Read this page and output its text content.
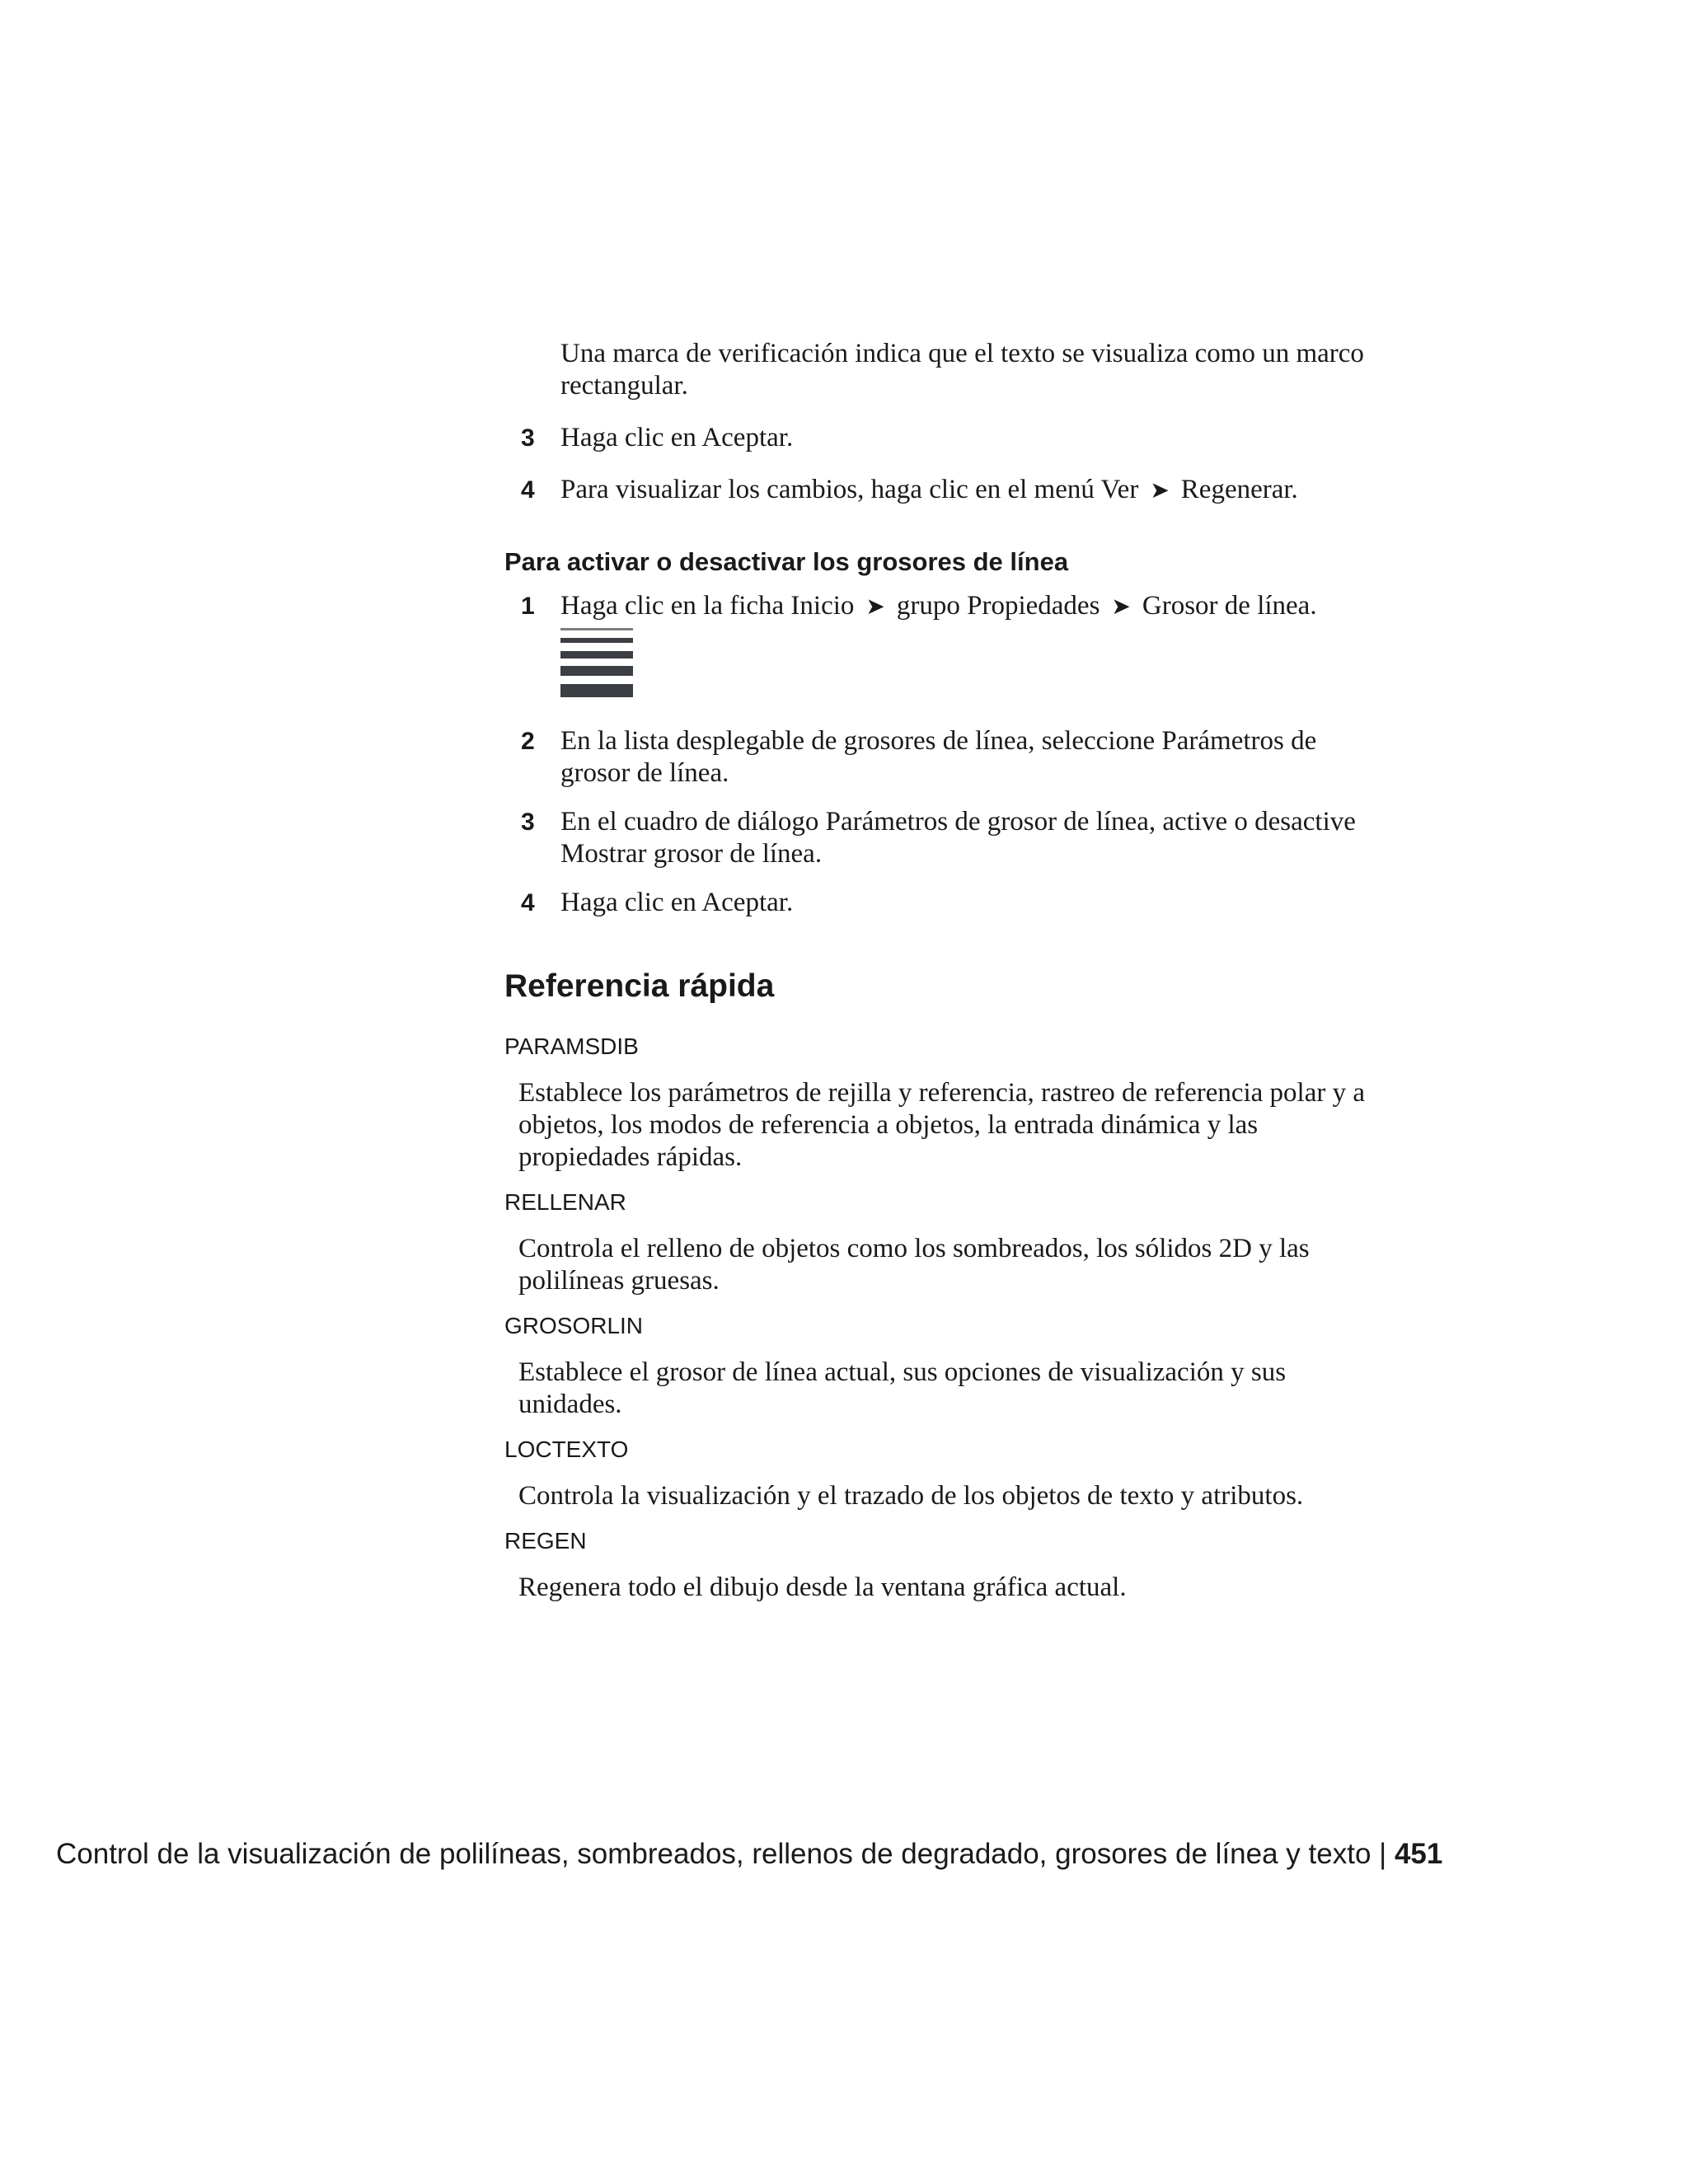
Una marca de verificación indica que el texto se visualiza como un marco rectangular.
3 Haga clic en Aceptar.
4 Para visualizar los cambios, haga clic en el menú Ver ➤ Regenerar.
Para activar o desactivar los grosores de línea
1 Haga clic en la ficha Inicio ➤ grupo Propiedades ➤ Grosor de línea.
2 En la lista desplegable de grosores de línea, seleccione Parámetros de grosor de línea.
3 En el cuadro de diálogo Parámetros de grosor de línea, active o desactive Mostrar grosor de línea.
4 Haga clic en Aceptar.
Referencia rápida
PARAMSDIB
Establece los parámetros de rejilla y referencia, rastreo de referencia polar y a objetos, los modos de referencia a objetos, la entrada dinámica y las propiedades rápidas.
RELLENAR
Controla el relleno de objetos como los sombreados, los sólidos 2D y las polilíneas gruesas.
GROSORLIN
Establece el grosor de línea actual, sus opciones de visualización y sus unidades.
LOCTEXTO
Controla la visualización y el trazado de los objetos de texto y atributos.
REGEN
Regenera todo el dibujo desde la ventana gráfica actual.
Control de la visualización de polilíneas, sombreados, rellenos de degradado, grosores de línea y texto | 451
